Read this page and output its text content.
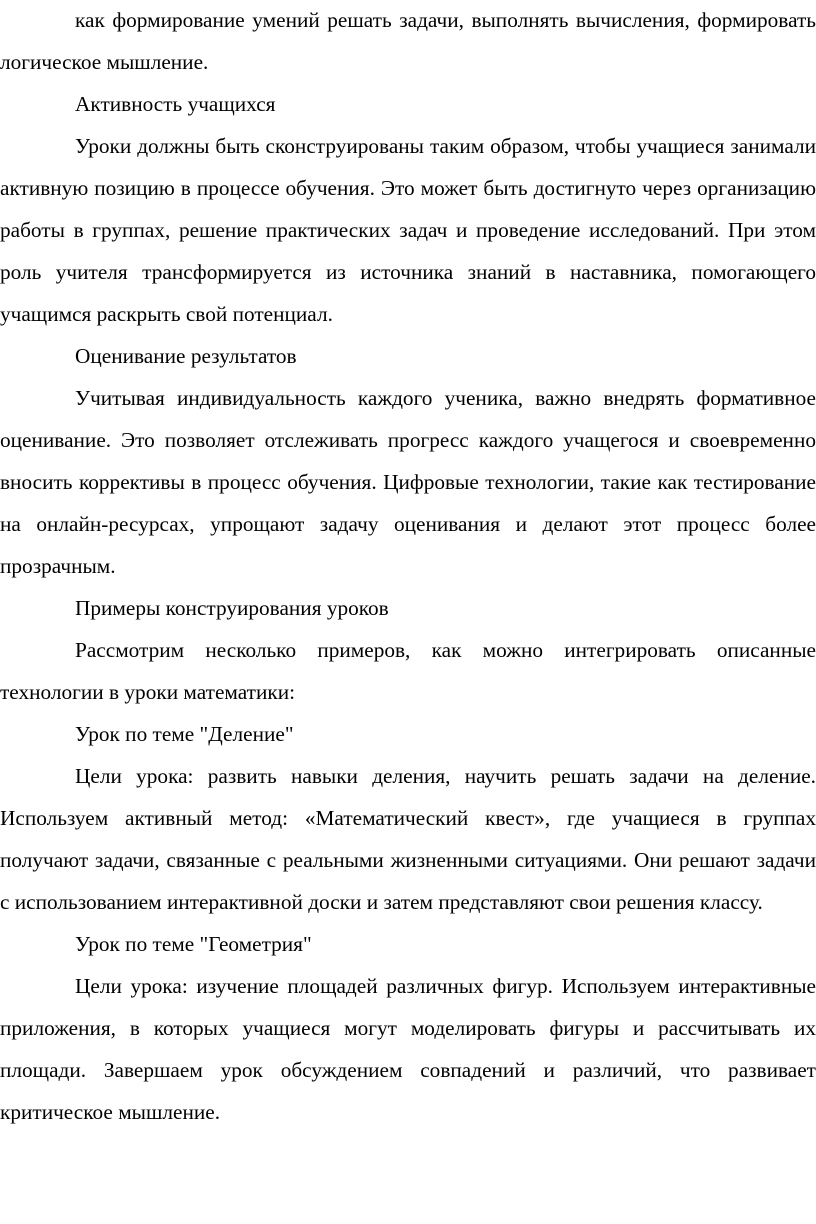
как формирование умений решать задачи, выполнять вычисления, формировать логическое мышление.

Активность учащихся

Уроки должны быть сконструированы таким образом, чтобы учащиеся занимали активную позицию в процессе обучения. Это может быть достигнуто через организацию работы в группах, решение практических задач и проведение исследований. При этом роль учителя трансформируется из источника знаний в наставника, помогающего учащимся раскрыть свой потенциал.

Оценивание результатов

Учитывая индивидуальность каждого ученика, важно внедрять формативное оценивание. Это позволяет отслеживать прогресс каждого учащегося и своевременно вносить коррективы в процесс обучения. Цифровые технологии, такие как тестирование на онлайн-ресурсах, упрощают задачу оценивания и делают этот процесс более прозрачным.

Примеры конструирования уроков

Рассмотрим несколько примеров, как можно интегрировать описанные технологии в уроки математики:

Урок по теме "Деление"

Цели урока: развить навыки деления, научить решать задачи на деление. Используем активный метод: «Математический квест», где учащиеся в группах получают задачи, связанные с реальными жизненными ситуациями. Они решают задачи с использованием интерактивной доски и затем представляют свои решения классу.

Урок по теме "Геометрия"

Цели урока: изучение площадей различных фигур. Используем интерактивные приложения, в которых учащиеся могут моделировать фигуры и рассчитывать их площади. Завершаем урок обсуждением совпадений и различий, что развивает критическое мышление.
